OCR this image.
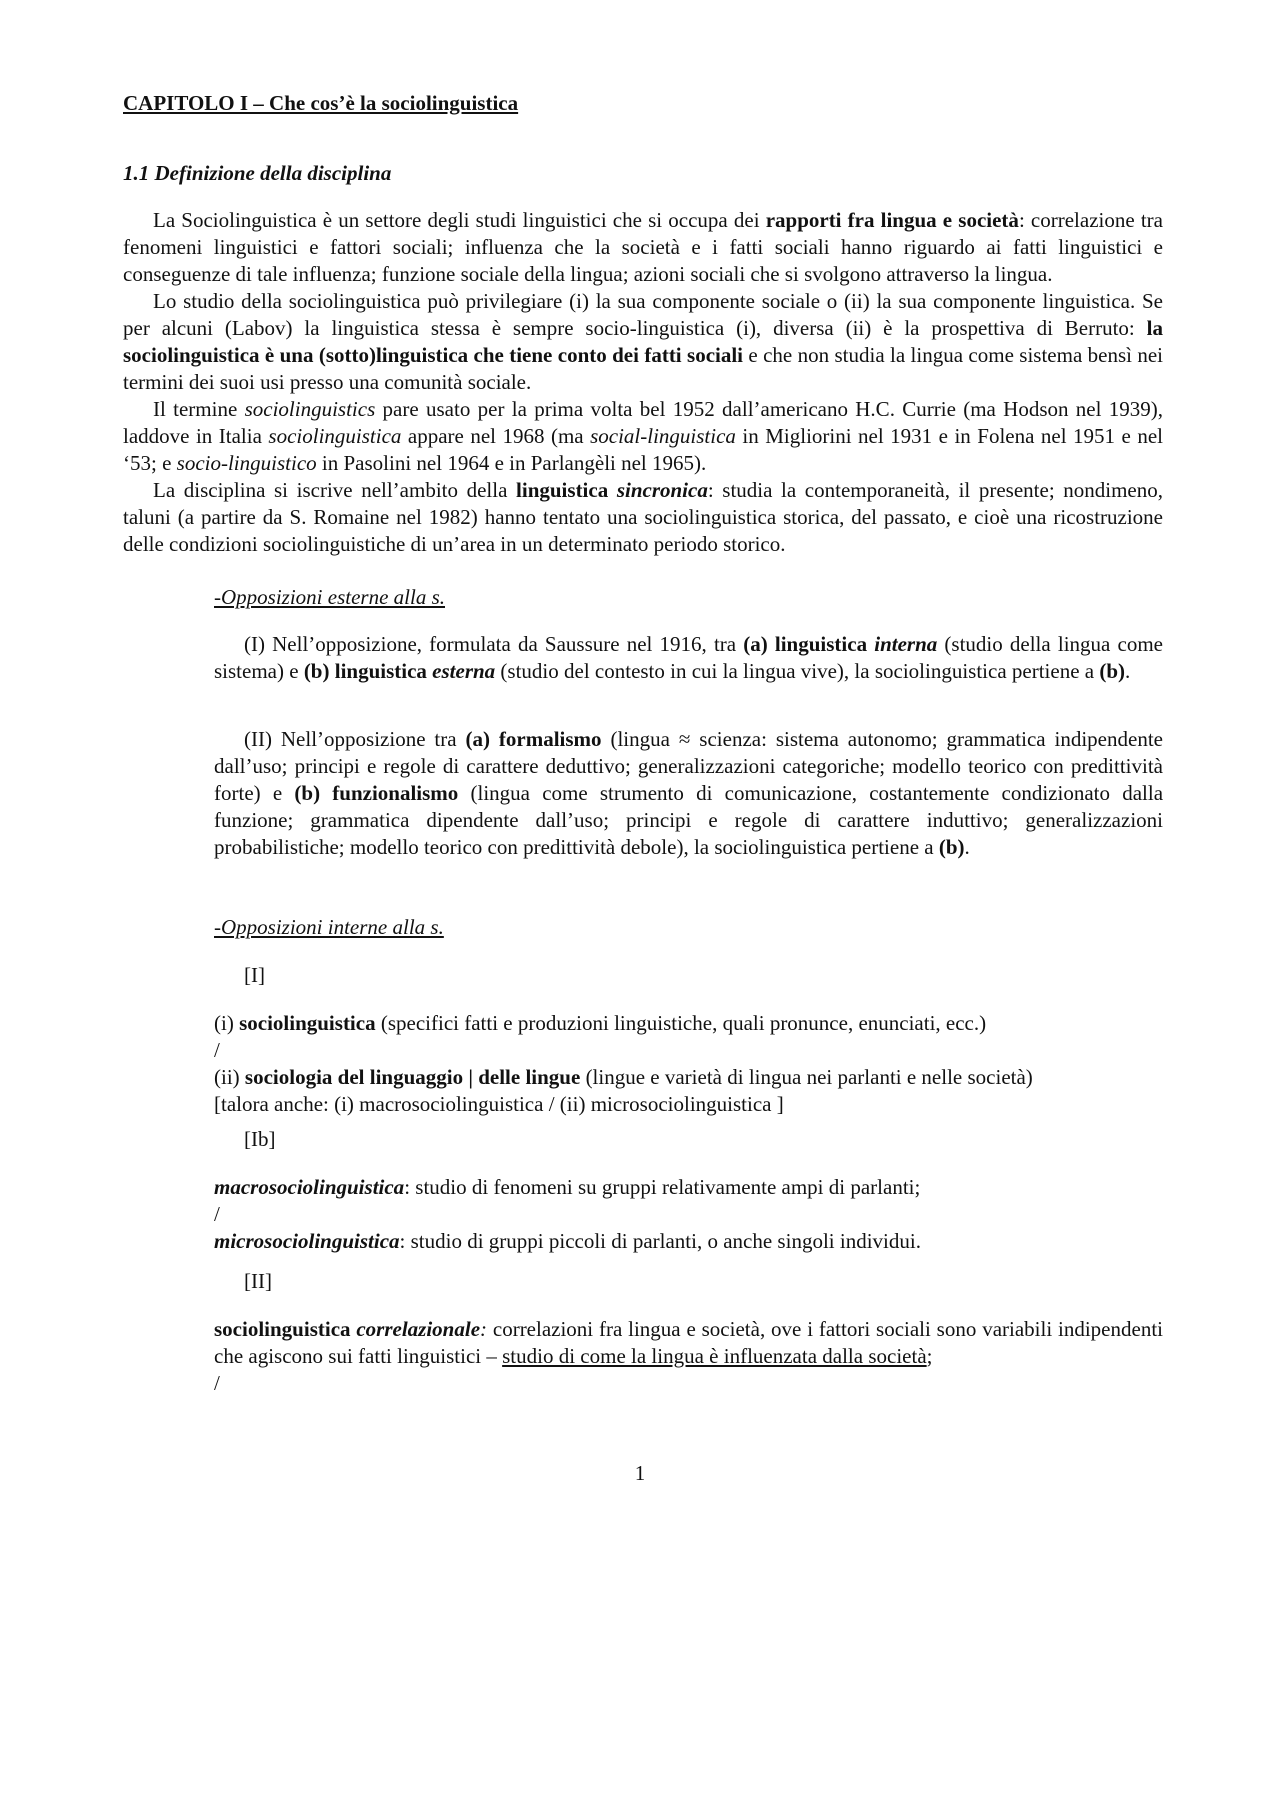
CAPITOLO I – Che cos’è la sociolinguistica
1.1 Definizione della disciplina

La Sociolinguistica è un settore degli studi linguistici che si occupa dei rapporti fra lingua e società: correlazione tra fenomeni linguistici e fattori sociali; influenza che la società e i fatti sociali hanno riguardo ai fatti linguistici e conseguenze di tale influenza; funzione sociale della lingua; azioni sociali che si svolgono attraverso la lingua.

Lo studio della sociolinguistica può privilegiare (i) la sua componente sociale o (ii) la sua componente linguistica. Se per alcuni (Labov) la linguistica stessa è sempre socio-linguistica (i), diversa (ii) è la prospettiva di Berruto: la sociolinguistica è una (sotto)linguistica che tiene conto dei fatti sociali e che non studia la lingua come sistema bensì nei termini dei suoi usi presso una comunità sociale.

Il termine sociolinguistics pare usato per la prima volta bel 1952 dall’americano H.C. Currie (ma Hodson nel 1939), laddove in Italia sociolinguistica appare nel 1968 (ma social-linguistica in Migliorini nel 1931 e in Folena nel 1951 e nel ‘53; e socio-linguistico in Pasolini nel 1964 e in Parlangèli nel 1965).

La disciplina si iscrive nell’ambito della linguistica sincronica: studia la contemporaneità, il presente; nondimeno, taluni (a partire da S. Romaine nel 1982) hanno tentato una sociolinguistica storica, del passato, e cioè una ricostruzione delle condizioni sociolinguistiche di un’area in un determinato periodo storico.

-Opposizioni esterne alla s.

(I) Nell’opposizione, formulata da Saussure nel 1916, tra (a) linguistica interna (studio della lingua come sistema) e (b) linguistica esterna (studio del contesto in cui la lingua vive), la sociolinguistica pertiene a (b).

(II) Nell’opposizione tra (a) formalismo (lingua ≈ scienza: sistema autonomo; grammatica indipendente dall’uso; principi e regole di carattere deduttivo; generalizzazioni categoriche; modello teorico con predittività forte) e (b) funzionalismo (lingua come strumento di comunicazione, costantemente condizionato dalla funzione; grammatica dipendente dall’uso; principi e regole di carattere induttivo; generalizzazioni probabilistiche; modello teorico con predittività debole), la sociolinguistica pertiene a (b).

-Opposizioni interne alla s.
[I]
(i) sociolinguistica (specifici fatti e produzioni linguistiche, quali pronunce, enunciati, ecc.)
/
(ii) sociologia del linguaggio | delle lingue (lingue e varietà di lingua nei parlanti e nelle società)
[talora anche: (i) macrosociolinguistica / (ii) microsociolinguistica ]
[Ib]
macrosociolinguistica: studio di fenomeni su gruppi relativamente ampi di parlanti;
/
microsociolinguistica: studio di gruppi piccoli di parlanti, o anche singoli individui.
[II]

sociolinguistica correlazionale: correlazioni fra lingua e società, ove i fattori sociali sono variabili indipendenti che agiscono sui fatti linguistici – studio di come la lingua è influenzata dalla società;

/
1
